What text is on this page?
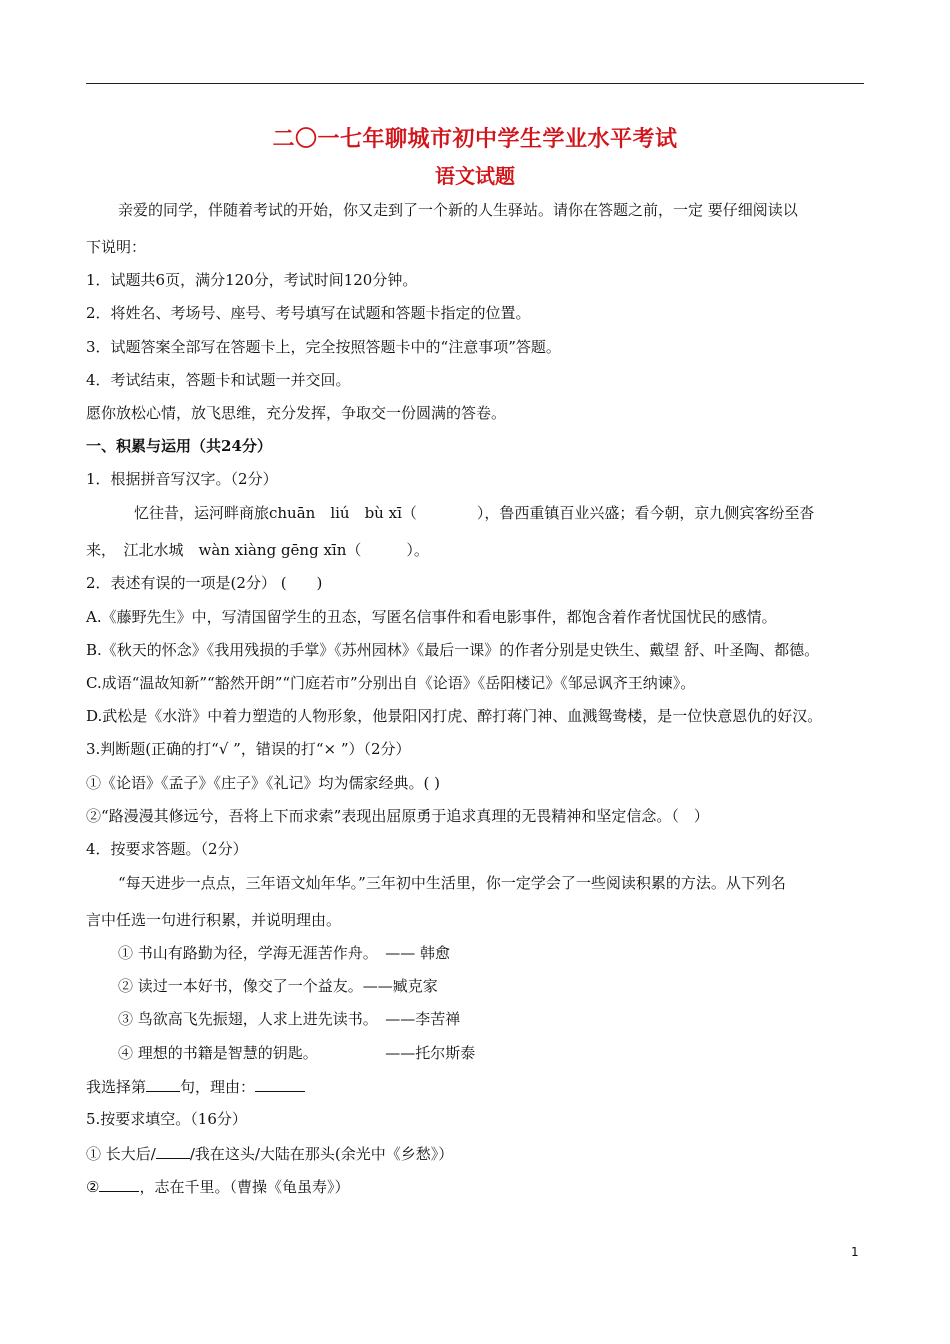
二〇一七年聊城市初中学生学业水平考试
语文试题
亲爱的同学，伴随着考试的开始，你又走到了一个新的人生驿站。请你在答题之前，一定 要仔细阅读以
下说明：
1．试题共6页，满分120分，考试时间120分钟。
2．将姓名、考场号、座号、考号填写在试题和答题卡指定的位置。
3．试题答案全部写在答题卡上，完全按照答题卡中的“注意事项”答题。
4．考试结束，答题卡和试题一并交回。
愿你放松心情，放飞思维，充分发挥，争取交一份圆满的答卷。
一、积累与运用（共24分）
1．根据拼音写汉字。（2分）
忆往昔，运河畔商旅chuān　liú　bù xī（　　　　），鲁西重镇百业兴盛；看今朝，京九侧宾客纷至沓
来，　江北水城　wàn xiàng gēng xīn（　　　）。
2．表述有误的一项是(2分） (　　)
A.《藤野先生》中，写清国留学生的丑态，写匿名信事件和看电影事件，都饱含着作者忧国忧民的感情。
B.《秋天的怀念》《我用残损的手掌》《苏州园林》《最后一课》的作者分别是史铁生、戴望 舒、叶圣陶、都德。
C.成语“温故知新”“豁然开朗”“门庭若市”分别出自《论语》《岳阳楼记》《邹忌讽齐王纳谏》。
D.武松是《水浒》中着力塑造的人物形象，他景阳冈打虎、醉打蒋门神、血溅鸳鸯楼，是一位快意恩仇的好汉。
3.判断题(正确的打“√ ”，错误的打“× ”）（2分）
①《论语》《孟子》《庄子》《礼记》均为儒家经典。( )
②“路漫漫其修远兮，吾将上下而求索”表现出屈原勇于追求真理的无畏精神和坚定信念。（　）
4．按要求答题。（2分）
“每天进步一点点，三年语文灿年华。”三年初中生活里，你一定学会了一些阅读积累的方法。从下列名
言中任选一句进行积累，并说明理由。
① 书山有路勤为径，学海无涯苦作舟。　—— 韩愈
② 读过一本好书，像交了一个益友。——臧克家
③ 鸟欲高飞先振翅，人求上进先读书。　——李苦禅
④ 理想的书籍是智慧的钥匙。　　　　　——托尔斯泰
我选择第 句，理由：
5.按要求填空。（16分）
① 长大后/ /我在这头/大陆在那头(余光中《乡愁》）
②	，志在千里。（曹操《龟虽寿》）
1
